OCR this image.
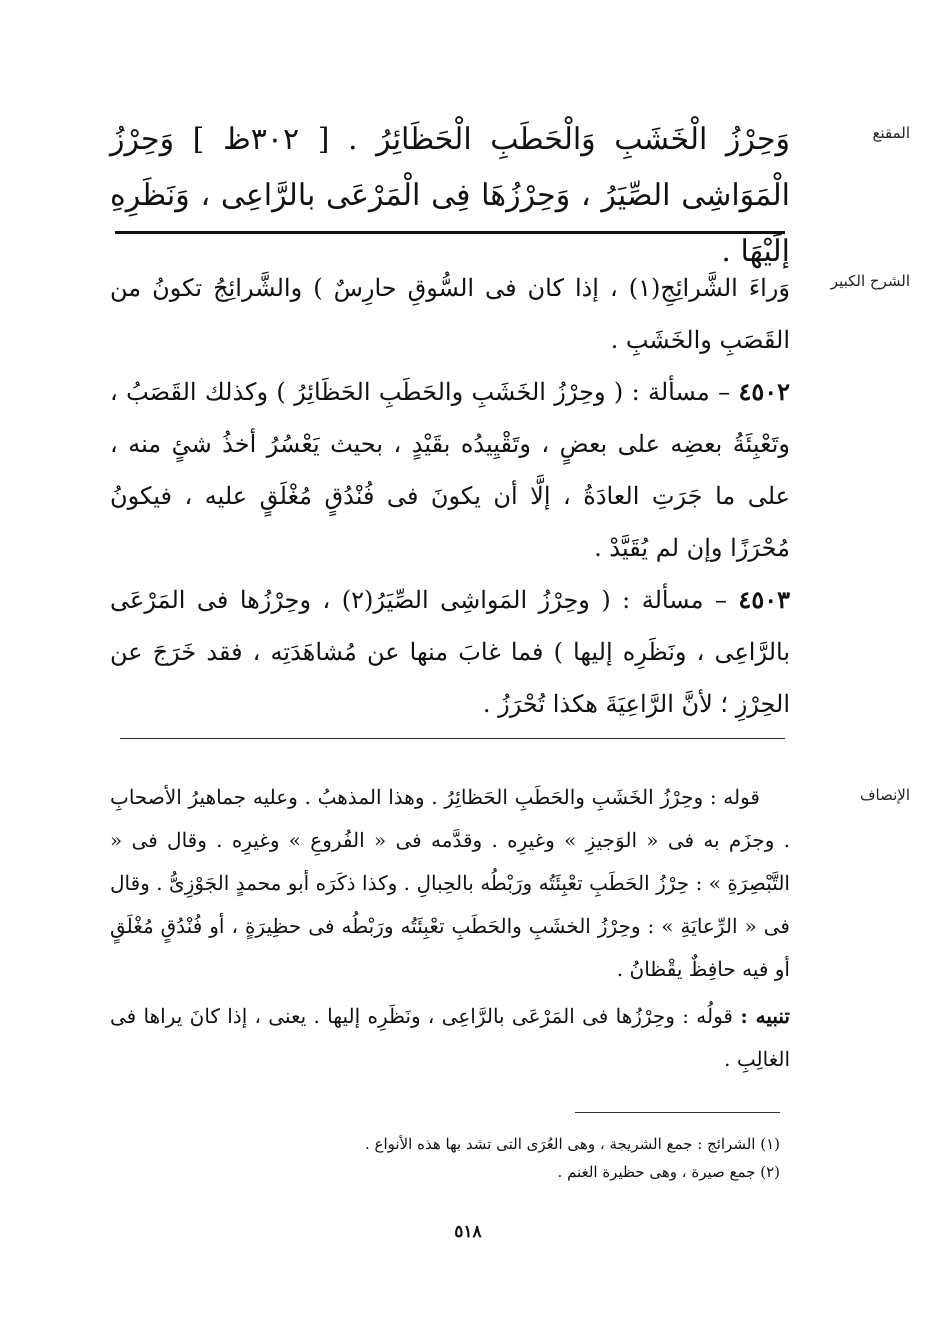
المقنع

وَحِرْزُ الْخَشَبِ وَالْحَطَبِ الْحَظَائِرُ . [ ٣٠٢ظ ] وَحِرْزُ الْمَوَاشِى الصِّيَرُ ، وَحِرْزُهَا فِى الْمَرْعَى بالرَّاعِى ، وَنَظَرِهِ إلَيْهَا .

الشرح الكبير

وَراءَ الشَّرائِجِ(١) ، إذا كان فى السُّوقِ حارِسٌ ) والشَّرائِجُ تكونُ من القَصَبِ والخَشَبِ .

٤٥٠٢ – مسألة : ( وحِرْزُ الخَشَبِ والحَطَبِ الحَظَائِرُ ) وكذلك القَصَبُ ، وتَعْبِئَةُ بعضِه على بعضٍ ، وتَقْيِيدُه بقَيْدٍ ، بحيث يَعْسُرُ أخذُ شئٍ منه ، على ما جَرَتِ العادَةُ ، إلَّا أن يكونَ فى فُنْدُقٍ مُغْلَقٍ عليه ، فيكونُ مُحْرَزًا وإن لم يُقَيَّدْ .

٤٥٠٣ – مسألة : ( وحِرْزُ المَواشِى الصِّيَرُ(٢) ، وحِرْزُها فى المَرْعَى بالرَّاعِى ، ونَظَرِه إليها ) فما غابَ منها عن مُشاهَدَتِه ، فقد خَرَجَ عن الحِرْزِ ؛ لأنَّ الرَّاعِيَةَ هكذا تُحْرَزُ .

الإنصاف

قوله : وحِرْزُ الخَشَبِ والحَطَبِ الحَظائِرُ . وهذا المذهبُ . وعليه جماهيرُ الأصحابِ . وجزَم به فى « الوَجيزِ » وغيرِه . وقدَّمه فى « الفُروعِ » وغيرِه . وقال فى « التَّبْصِرَةِ » : حِرْزُ الحَطَبِ تعْبِئَتُه ورَبْطُه بالحِبالِ . وكذا ذكَرَه أبو محمدٍ الجَوْزِىُّ . وقال فى « الرِّعايَةِ » : وحِرْزُ الخشَبِ والحَطَبِ تعْبِئَتُه ورَبْطُه فى حظِيرَةٍ ، أو فُنْدُقٍ مُغْلَقٍ أو فيه حافِظٌ يقْظانُ .

تنبيه : قولُه : وحِرْزُها فى المَرْعَى بالرَّاعِى ، ونَظَرِه إليها . يعنى ، إذا كانَ يراها فى الغالِبِ .

(١) الشرائج : جمع الشريجة ، وهى العُرَى التى تشد بها هذه الأنواع .
(٢) جمع صيرة ، وهى حظيرة الغنم .
٥١٨
